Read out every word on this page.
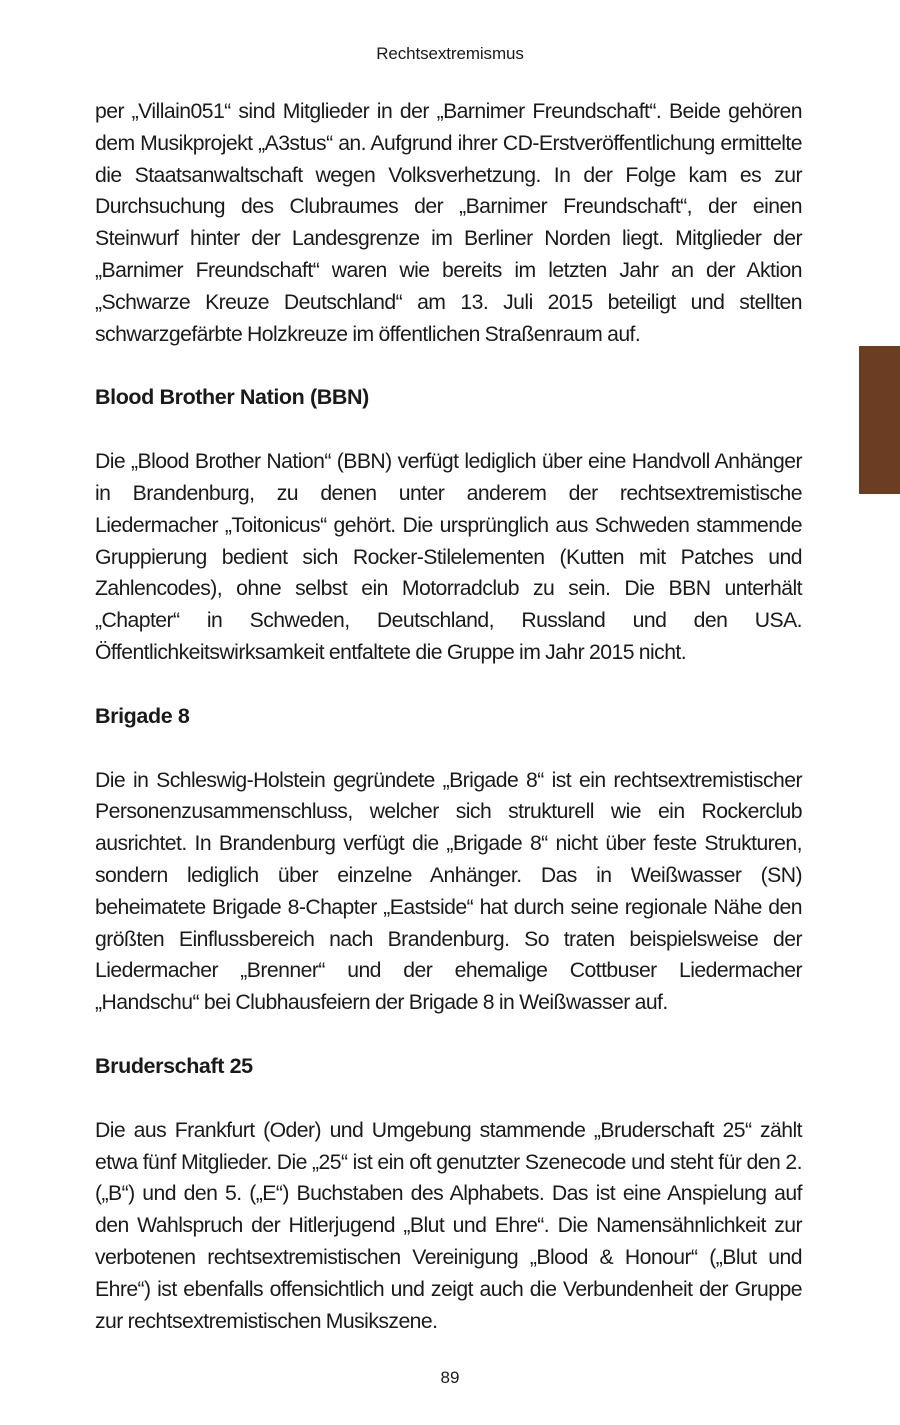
Rechtsextremismus

per „Villain051“ sind Mitglieder in der „Barnimer Freundschaft“. Beide gehören dem Musikprojekt „A3stus“ an. Aufgrund ihrer CD-Erstveröffentlichung ermittelte die Staatsanwaltschaft wegen Volksverhetzung. In der Folge kam es zur Durchsuchung des Clubraumes der „Barnimer Freundschaft“, der einen Steinwurf hinter der Landesgrenze im Berliner Norden liegt. Mitglieder der „Barnimer Freundschaft“ waren wie bereits im letzten Jahr an der Aktion „Schwarze Kreuze Deutschland“ am 13. Juli 2015 beteiligt und stellten schwarzgefärbte Holzkreuze im öffentlichen Straßenraum auf.

Blood Brother Nation (BBN)

Die „Blood Brother Nation“ (BBN) verfügt lediglich über eine Handvoll Anhänger in Brandenburg, zu denen unter anderem der rechtsextremistische Liedermacher „Toitonicus“ gehört. Die ursprünglich aus Schweden stammende Gruppierung bedient sich Rocker-Stilelementen (Kutten mit Patches und Zahlencodes), ohne selbst ein Motorradclub zu sein. Die BBN unterhält „Chapter“ in Schweden, Deutschland, Russland und den USA. Öffentlichkeitswirksamkeit entfaltete die Gruppe im Jahr 2015 nicht.

Brigade 8

Die in Schleswig-Holstein gegründete „Brigade 8“ ist ein rechtsextremistischer Personenzusammenschluss, welcher sich strukturell wie ein Rockerclub ausrichtet. In Brandenburg verfügt die „Brigade 8“ nicht über feste Strukturen, sondern lediglich über einzelne Anhänger. Das in Weißwasser (SN) beheimatete Brigade 8-Chapter „Eastside“ hat durch seine regionale Nähe den größten Einflussbereich nach Brandenburg. So traten beispielsweise der Liedermacher „Brenner“ und der ehemalige Cottbuser Liedermacher „Handschu“ bei Clubhausfeiern der Brigade 8 in Weißwasser auf.

Bruderschaft 25

Die aus Frankfurt (Oder) und Umgebung stammende „Bruderschaft 25“ zählt etwa fünf Mitglieder. Die „25“ ist ein oft genutzter Szenecode und steht für den 2. („B“) und den 5. („E“) Buchstaben des Alphabets. Das ist eine Anspielung auf den Wahlspruch der Hitlerjugend „Blut und Ehre“. Die Namensähnlichkeit zur verbotenen rechtsextremistischen Vereinigung „Blood & Honour“ („Blut und Ehre“) ist ebenfalls offensichtlich und zeigt auch die Verbundenheit der Gruppe zur rechtsextremistischen Musikszene.

89
